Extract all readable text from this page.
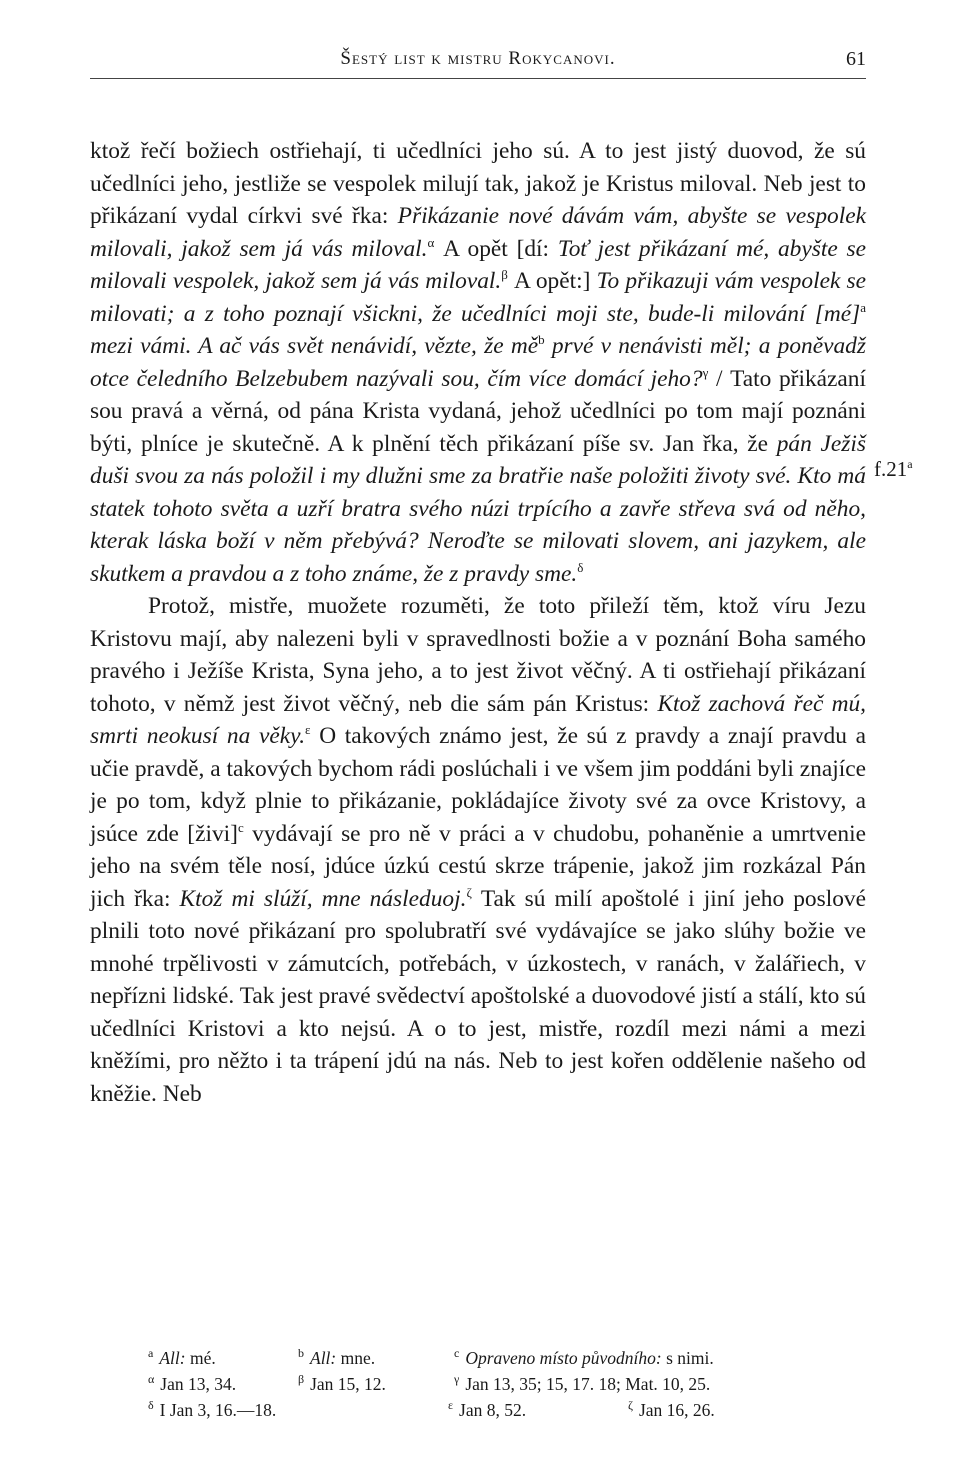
Šestý list k mistru Rokycanovi.	61
f.21$^a$

ktož řečí božiech ostřiehají, ti učedlníci jeho sú. A to jest jistý duovod, že sú učedlníci jeho, jestliže se vespolek milují tak, jakož je Kristus miloval. Neb jest to přikázaní vydal církvi své řka: Přikázanie nové dávám vám, abyšte se vespolek milovali, jakož sem já vás miloval.$^\alpha$ A opět [dí: Toť jest přikázaní mé, abyšte se milovali vespolek, jakož sem já vás miloval.$^\beta$ A opět:] To přikazuji vám vespolek se milovati; a z toho poznají všickni, že učedlníci moji ste, bude-li milování [mé]$^a$ mezi vámi. A ač vás svět nenávidí, vězte, že $mě^b$ prvé v nenávisti měl; a poněvadž otce čeledního Belzebubem nazývali sou, čím více domácí jeho?$^\gamma$ / Tato přikázaní sou pravá a věrná, od pána Krista vydaná, jehož učedlníci po tom mají poznáni býti, plníce je skutečně. A k plnění těch přikázaní píše sv. Jan řka, že pán Ježiš duši svou za nás položil i my dlužni sme za bratřie naše položiti životy své. Kto má statek tohoto světa a uzří bratra svého núzi trpícího a zavře střeva svá od něho, kterak láska boží v něm přebývá? Neroďte se milovati slovem, ani jazykem, ale skutkem a pravdou a z toho známe, že z pravdy sme.$^\delta$

Protož, mistře, muožete rozuměti, že toto přileží těm, ktož víru Jezu Kristovu mají, aby nalezeni byli v spravedlnosti božie a v poznání Boha samého pravého i Ježíše Krista, Syna jeho, a to jest život věčný. A ti ostřiehají přikázaní tohoto, v němž jest život věčný, neb die sám pán Kristus: Ktož zachová řeč mú, smrti neokusí na věky.$^\varepsilon$ O takových známo jest, že sú z pravdy a znají pravdu a učie pravdě, a takových bychom rádi poslúchali i ve všem jim poddáni byli znajíce je po tom, když plnie to přikázanie, pokládajíce životy své za ovce Kristovy, a jsúce zde [živi]$^c$ vydávají se pro ně v práci a v chudobu, pohaněnie a umrtvenie jeho na svém těle nosí, jdúce úzkú cestú skrze trápenie, jakož jim rozkázal Pán jich řka: Ktož mi slúží, mne následuoj.$^\zeta$ Tak sú milí apoštolé i jiní jeho poslové plnili toto nové přikázaní pro spolubratří své vydávajíce se jako slúhy božie ve mnohé trpělivosti v zámutcích, potřebách, v úzkostech, v ranách, v žalářiech, v nepřízni lidské. Tak jest pravé svědectví apoštolské a duovodové jistí a stálí, kto sú učedlníci Kristovi a kto nejsú. A o to jest, mistře, rozdíl mezi námi a mezi kněžími, pro něžto i ta trápení jdú na nás. Neb to jest kořen oddělenie našeho od kněžie. Neb

$^a$ All: mé.	$^b$ All: mne.	$^c$ Opraveno místo původního: s nimi.
$^\alpha$ Jan 13, 34.	$^\beta$ Jan 15, 12.	$^\gamma$ Jan 13, 35; 15, 17. 18; Mat. 10, 25.
$^\delta$ I Jan 3, 16.—18.	$^\varepsilon$ Jan 8, 52.	$^\zeta$ Jan 16, 26.
